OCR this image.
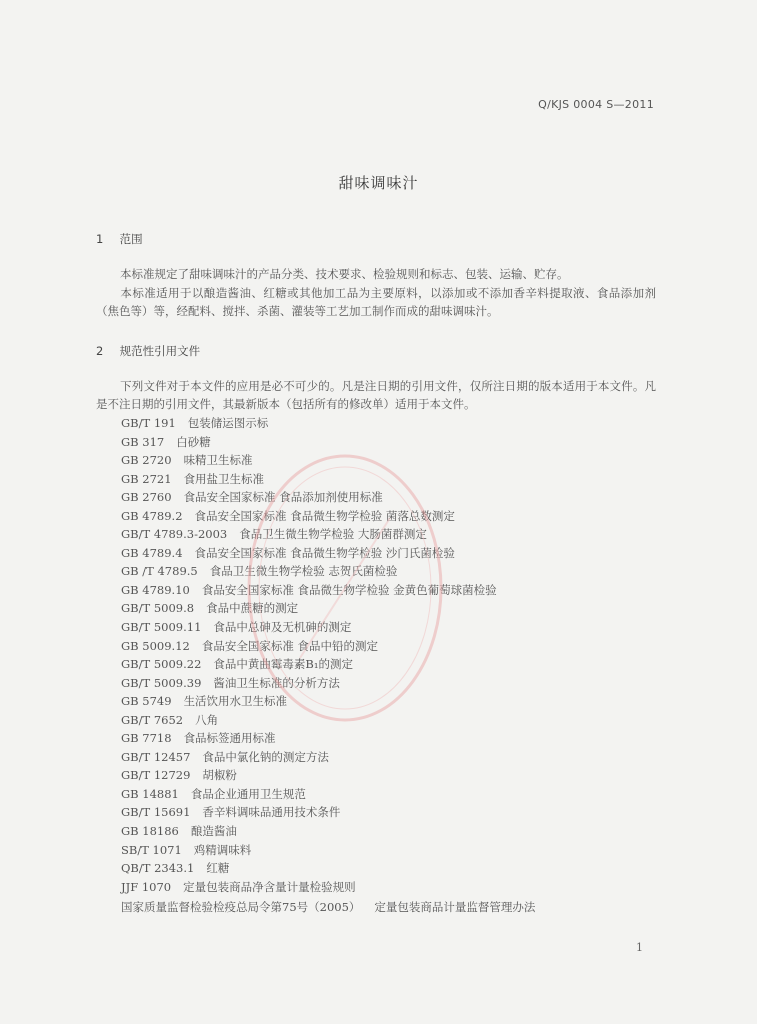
Q/KJS 0004 S—2011
甜味调味汁
1 范围
本标准规定了甜味调味汁的产品分类、技术要求、检验规则和标志、包装、运输、贮存。
本标准适用于以酿造酱油、红糖或其他加工品为主要原料，以添加或不添加香辛料提取液、食品添加剂（焦色等）等，经配料、搅拌、杀菌、灌装等工艺加工制作而成的甜味调味汁。
2 规范性引用文件
下列文件对于本文件的应用是必不可少的。凡是注日期的引用文件，仅所注日期的版本适用于本文件。凡是不注日期的引用文件，其最新版本（包括所有的修改单）适用于本文件。
GB/T 191 包装储运图示标
GB 317 白砂糖
GB 2720 味精卫生标准
GB 2721 食用盐卫生标准
GB 2760 食品安全国家标准 食品添加剂使用标准
GB 4789.2 食品安全国家标准 食品微生物学检验 菌落总数测定
GB/T 4789.3-2003 食品卫生微生物学检验 大肠菌群测定
GB 4789.4 食品安全国家标准 食品微生物学检验 沙门氏菌检验
GB /T 4789.5 食品卫生微生物学检验 志贺氏菌检验
GB 4789.10 食品安全国家标准 食品微生物学检验 金黄色葡萄球菌检验
GB/T 5009.8 食品中蔗糖的测定
GB/T 5009.11 食品中总砷及无机砷的测定
GB 5009.12 食品安全国家标准 食品中铅的测定
GB/T 5009.22 食品中黄曲霉毒素B₁的测定
GB/T 5009.39 酱油卫生标准的分析方法
GB 5749 生活饮用水卫生标准
GB/T 7652 八角
GB 7718 食品标签通用标准
GB/T 12457 食品中氯化钠的测定方法
GB/T 12729 胡椒粉
GB 14881 食品企业通用卫生规范
GB/T 15691 香辛料调味品通用技术条件
GB 18186 酿造酱油
SB/T 1071 鸡精调味料
QB/T 2343.1 红糖
JJF 1070 定量包装商品净含量计量检验规则
国家质量监督检验检疫总局令第75号（2005） 定量包装商品计量监督管理办法
1
